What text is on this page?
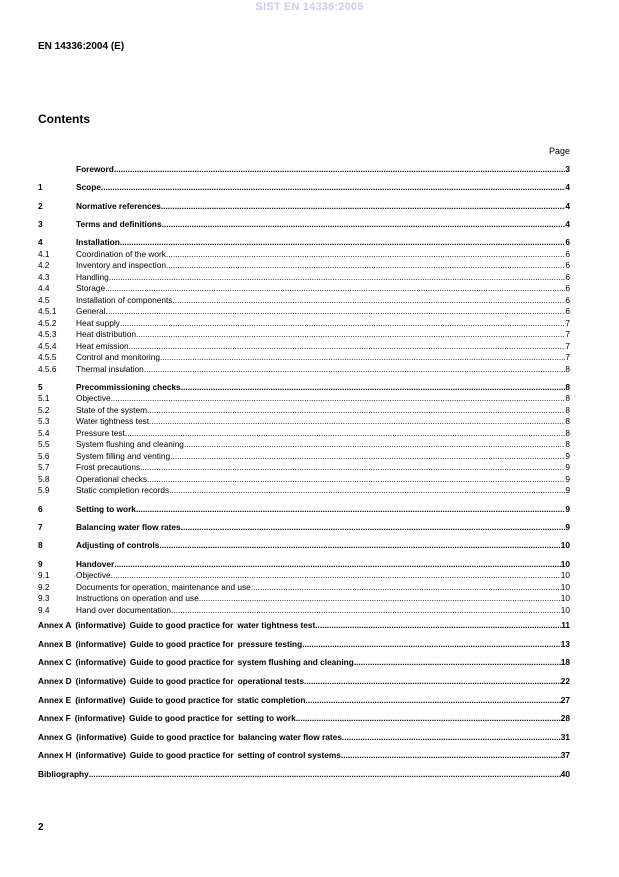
SIST EN 14336:2005
EN 14336:2004 (E)
Contents
Page
Foreword .....	3
1	Scope .....	4
2	Normative references .....	4
3	Terms and definitions .....	4
4	Installation .....	6
4.1	Coordination of the work .....	6
4.2	Inventory and inspection .....	6
4.3	Handling .....	6
4.4	Storage .....	6
4.5	Installation of components .....	6
4.5.1	General .....	6
4.5.2	Heat supply .....	7
4.5.3	Heat distribution .....	7
4.5.4	Heat emission .....	7
4.5.5	Control and monitoring .....	7
4.5.6	Thermal insulation .....	8
5	Precommissioning checks .....	8
5.1	Objective .....	8
5.2	State of the system .....	8
5.3	Water tightness test .....	8
5.4	Pressure test .....	8
5.5	System flushing and cleaning .....	8
5.6	System filling and venting .....	9
5.7	Frost precautions .....	9
5.8	Operational checks .....	9
5.9	Static completion records .....	9
6	Setting to work .....	9
7	Balancing water flow rates .....	9
8	Adjusting of controls .....	10
9	Handover .....	10
9.1	Objective .....	10
9.2	Documents for operation, maintenance and use .....	10
9.3	Instructions on operation and use .....	10
9.4	Hand over documentation .....	10
Annex A (informative) Guide to good practice for water tightness test .....	11
Annex B (informative) Guide to good practice for pressure testing .....	13
Annex C (informative) Guide to good practice for system flushing and cleaning .....	18
Annex D (informative) Guide to good practice for operational tests .....	22
Annex E (informative) Guide to good practice for static completion .....	27
Annex F (informative) Guide to good practice for setting to work .....	28
Annex G (informative) Guide to good practice for balancing water flow rates .....	31
Annex H (informative) Guide to good practice for setting of control systems .....	37
Bibliography .....	40
2
